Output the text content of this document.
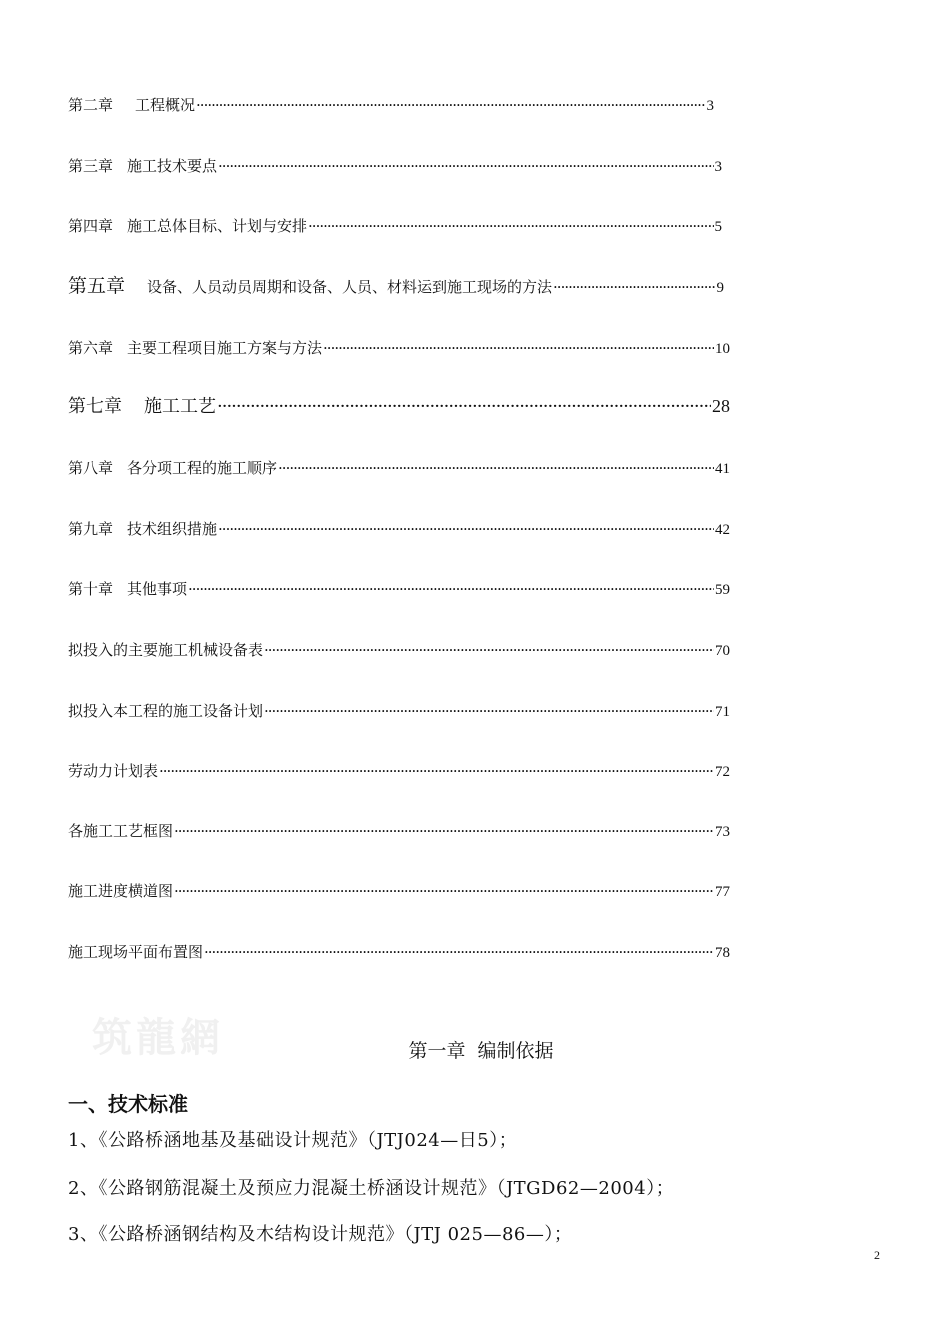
第二章 工程概况 ·····	3
第三章 施工技术要点 ·····	3
第四章 施工总体目标、计划与安排 ·····	5
第五章 设备、人员动员周期和设备、人员、材料运到施工现场的方法 ·····	9
第六章 主要工程项目施工方案与方法 ·····	10
第七章 施工工艺 ·····	28
第八章 各分项工程的施工顺序 ·····	41
第九章 技术组织措施 ·····	42
第十章 其他事项 ·····	59
拟投入的主要施工机械设备表 ·····	70
拟投入本工程的施工设备计划 ·····	71
劳动力计划表 ·····	72
各施工工艺框图 ·····	73
施工进度横道图 ·····	77
施工现场平面布置图 ·····	78
筑龍網	第一章  编制依据
一、技术标准
1、《公路桥涵地基及基础设计规范》（JTJ024—日5）；
2、《公路钢筋混凝土及预应力混凝土桥涵设计规范》（JTGD62—2004）；
3、《公路桥涵钢结构及木结构设计规范》（JTJ 025—86—）；
2
